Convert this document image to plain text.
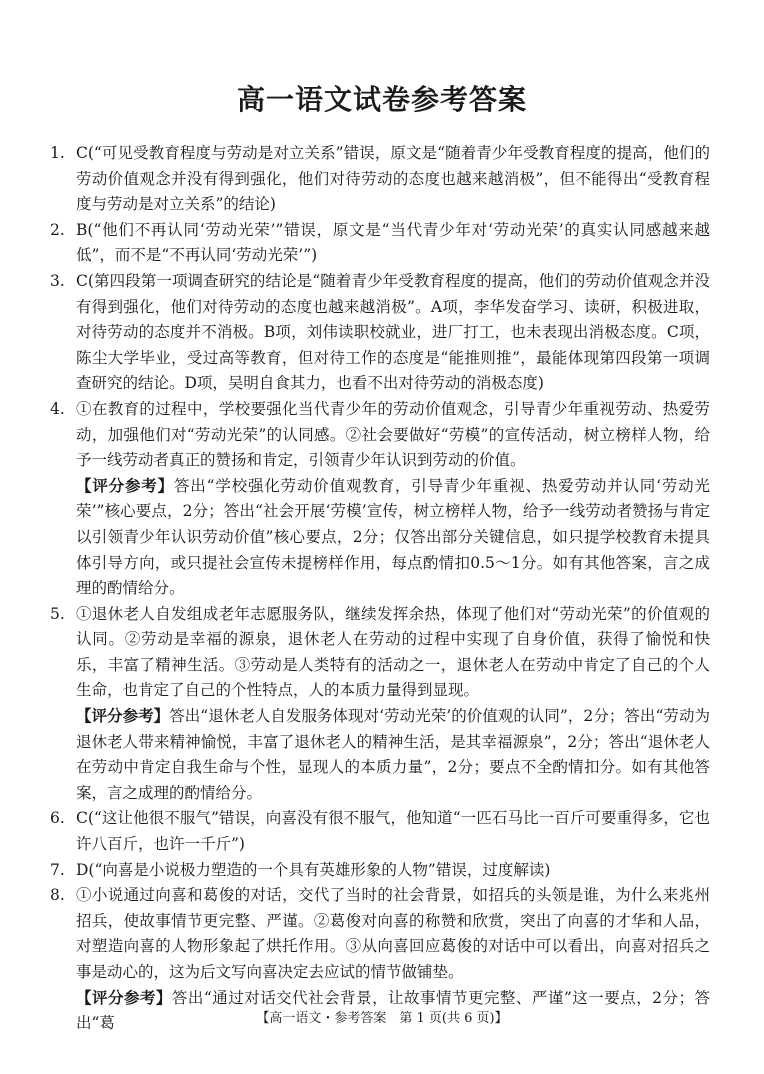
高一语文试卷参考答案
1. C(“可见受教育程度与劳动是对立关系”错误，原文是“随着青少年受教育程度的提高，他们的劳动价值观念并没有得到强化，他们对待劳动的态度也越来越消极”，但不能得出“受教育程度与劳动是对立关系”的结论)
2. B(“他们不再认同‘劳动光荣’”错误，原文是“当代青少年对‘劳动光荣’的真实认同感越来越低”，而不是“不再认同‘劳动光荣’”)
3. C(第四段第一项调查研究的结论是“随着青少年受教育程度的提高，他们的劳动价值观念并没有得到强化，他们对待劳动的态度也越来越消极”。A项，李华发奋学习、读研，积极进取，对待劳动的态度并不消极。B项，刘伟读职校就业，进厂打工，也未表现出消极态度。C项，陈尘大学毕业，受过高等教育，但对待工作的态度是“能推则推”，最能体现第四段第一项调查研究的结论。D项，吴明自食其力，也看不出对待劳动的消极态度)
4. ①在教育的过程中，学校要强化当代青少年的劳动价值观念，引导青少年重视劳动、热爱劳动，加强他们对“劳动光荣”的认同感。②社会要做好“劳模”的宣传活动，树立榜样人物，给予一线劳动者真正的赞扬和肯定，引领青少年认识到劳动的价值。
【评分参考】答出“学校强化劳动价值观教育，引导青少年重视、热爱劳动并认同‘劳动光荣’”核心要点，2分；答出“社会开展‘劳模’宣传，树立榜样人物，给予一线劳动者赞扬与肯定以引领青少年认识劳动价值”核心要点，2分；仅答出部分关键信息，如只提学校教育未提具体引导方向，或只提社会宣传未提榜样作用，每点酌情扣0.5～1分。如有其他答案，言之成理的酌情给分。
5. ①退休老人自发组成老年志愿服务队，继续发挥余热，体现了他们对“劳动光荣”的价值观的认同。②劳动是幸福的源泉，退休老人在劳动的过程中实现了自身价值，获得了愉悦和快乐，丰富了精神生活。③劳动是人类特有的活动之一，退休老人在劳动中肯定了自己的个人生命，也肯定了自己的个性特点，人的本质力量得到显现。
【评分参考】答出“退休老人自发服务体现对‘劳动光荣’的价值观的认同”，2分；答出“劳动为退休老人带来精神愉悦，丰富了退休老人的精神生活，是其幸福源泉”，2分；答出“退休老人在劳动中肯定自我生命与个性，显现人的本质力量”，2分；要点不全酌情扣分。如有其他答案，言之成理的酌情给分。
6. C(“这让他很不服气”错误，向喜没有很不服气，他知道“一匹石马比一百斤可要重得多，它也许八百斤，也许一千斤”)
7. D(“向喜是小说极力塑造的一个具有英雄形象的人物”错误，过度解读)
8. ①小说通过向喜和葛俊的对话，交代了当时的社会背景，如招兵的头领是谁，为什么来兆州招兵，使故事情节更完整、严谨。②葛俊对向喜的称赞和欣赏，突出了向喜的才华和人品，对塑造向喜的人物形象起了烘托作用。③从向喜回应葛俊的对话中可以看出，向喜对招兵之事是动心的，这为后文写向喜决定去应试的情节做铺垫。
【评分参考】答出“通过对话交代社会背景，让故事情节更完整、严谨”这一要点，2分；答出“葛	【高一语文・参考答案　第 1 页(共 6 页)】
